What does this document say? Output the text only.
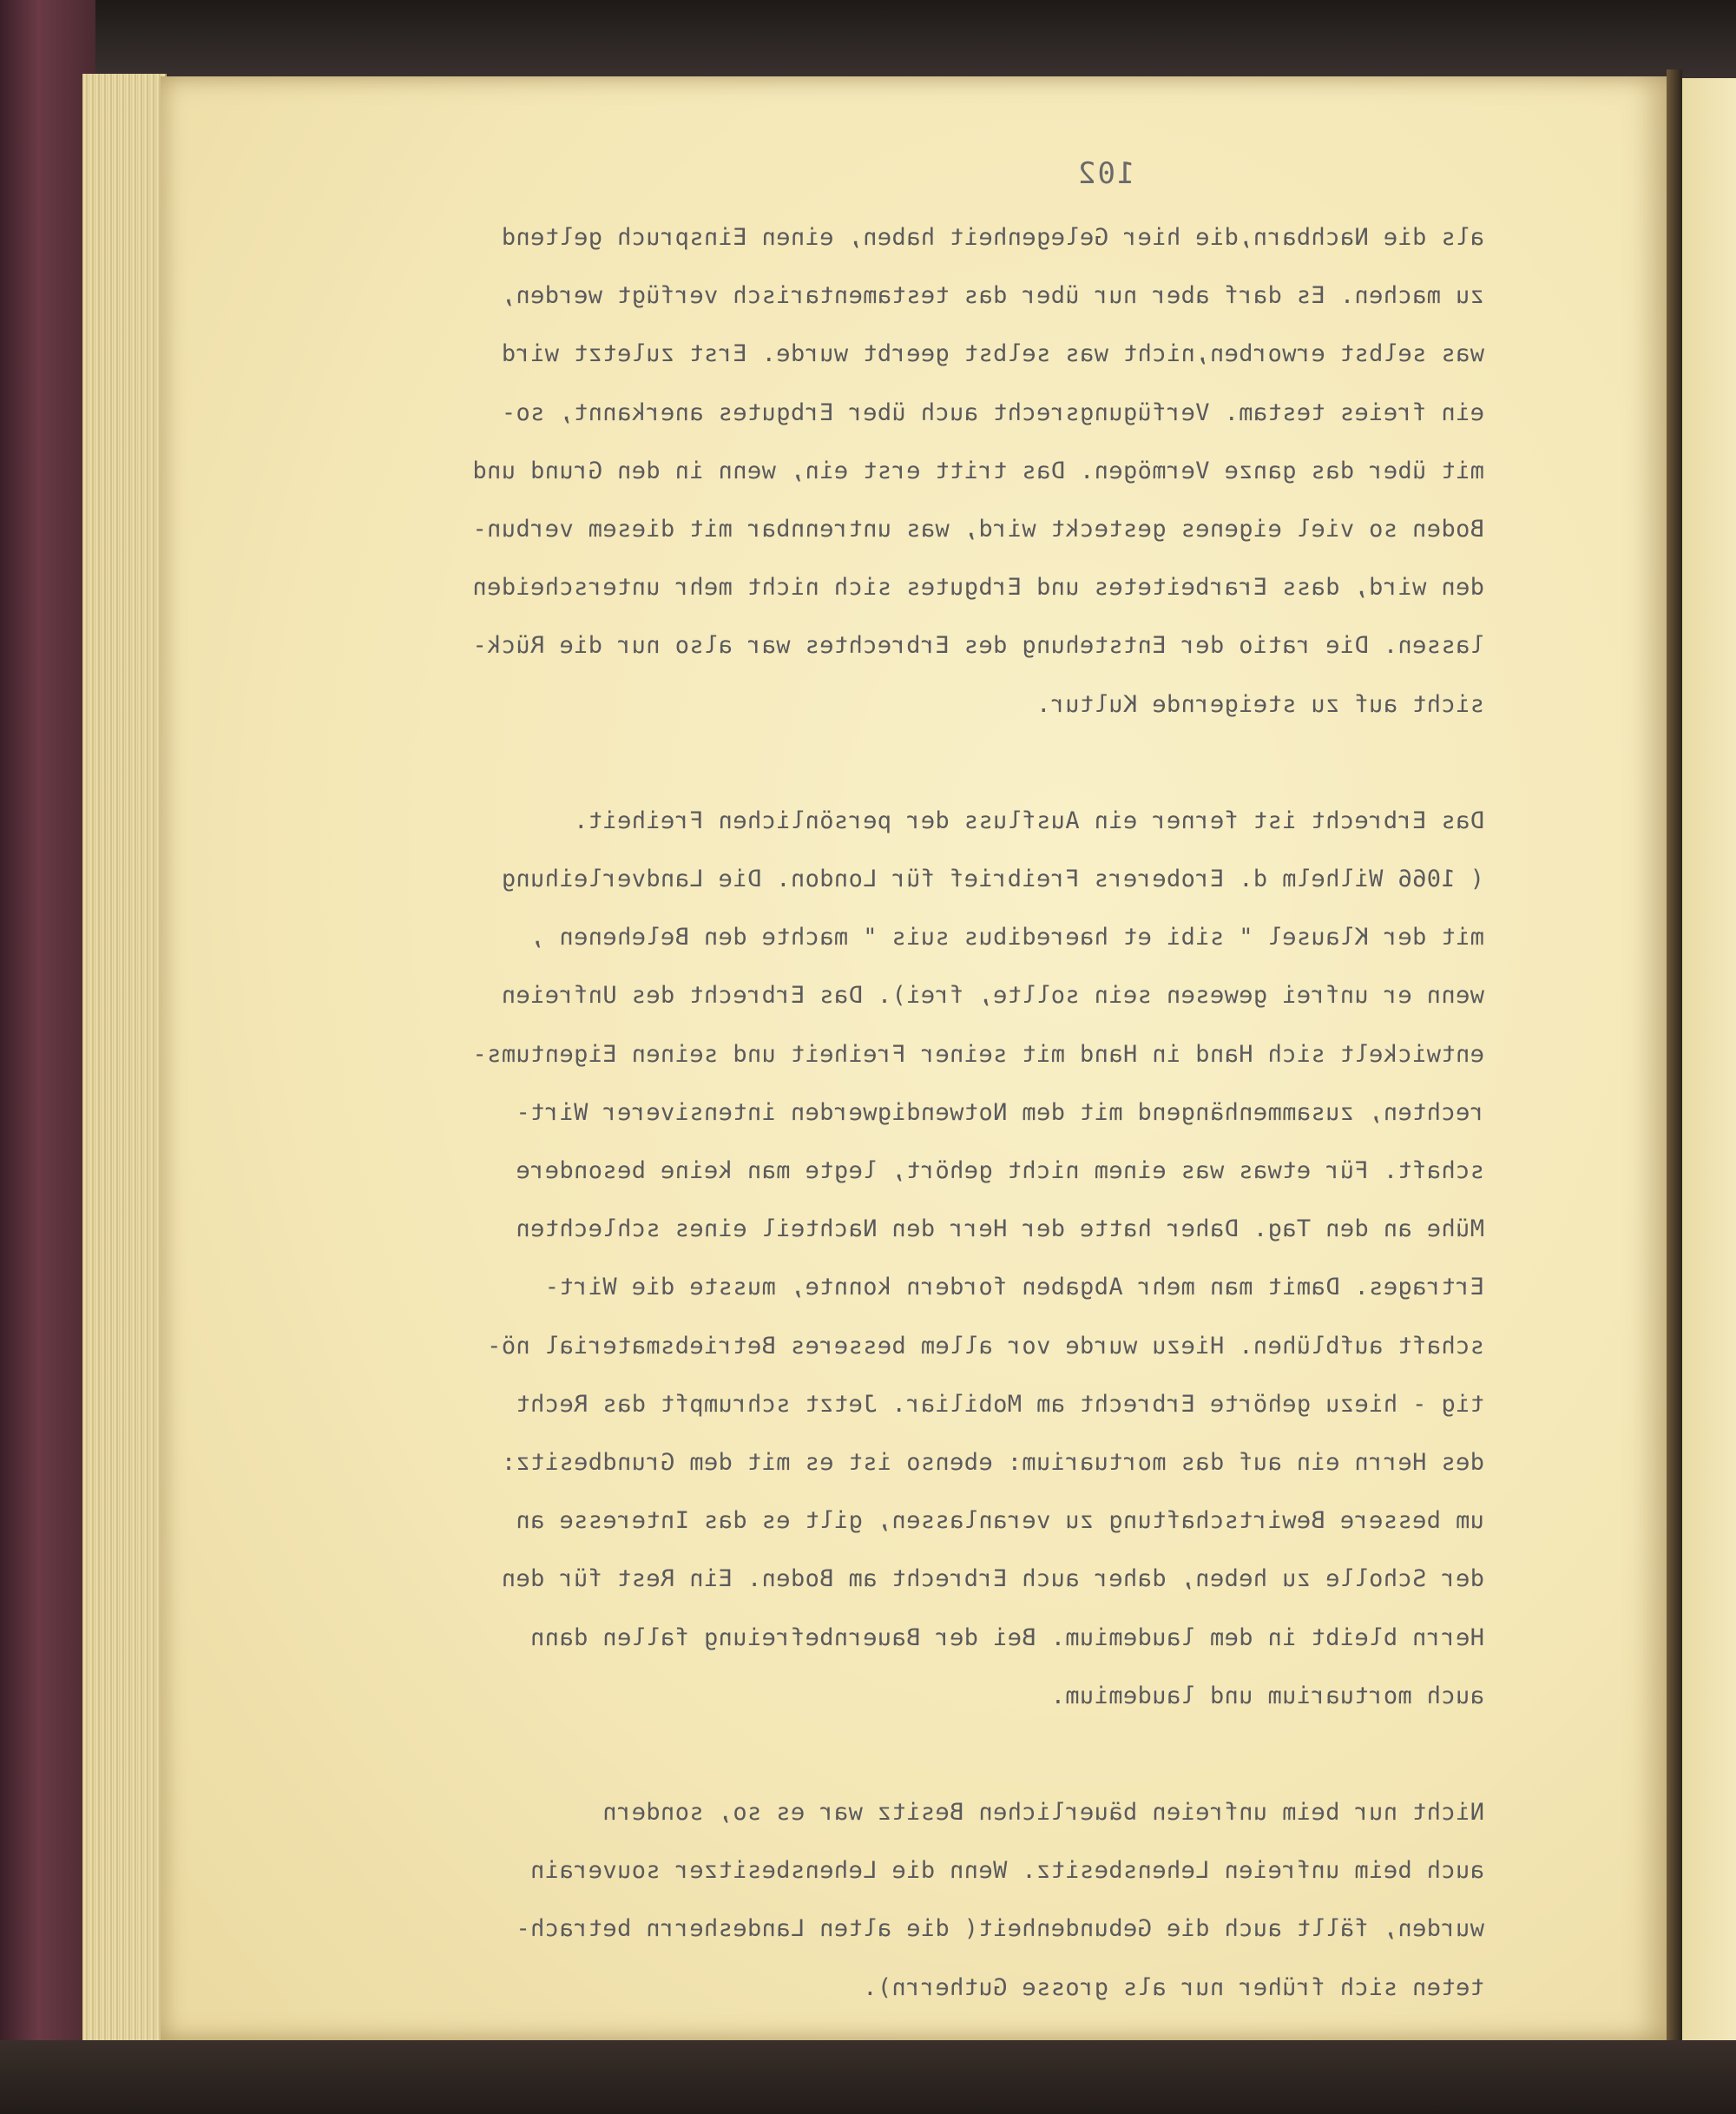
102
als die Nachbarn,die hier Gelegenheit haben, einen Einspruch geltend
zu machen. Es darf aber nur über das testamentarisch verfügt werden,
was selbst erworben,nicht was selbst geerbt wurde. Erst zuletzt wird
ein freies testam. Verfügungsrecht auch über Erbgutes anerkannt, so-
mit über das ganze Vermögen. Das tritt erst ein, wenn in den Grund und
Boden so viel eigenes gesteckt wird, was untrennbar mit diesem verbun-
den wird, dass Erarbeitetes und Erbgutes sich nicht mehr unterscheiden
lassen. Die ratio der Entstehung des Erbrechtes war also nur die Rück-
sicht auf zu steigernde Kultur.
Das Erbrecht ist ferner ein Ausfluss der persönlichen Freiheit.
( 1066 Wilhelm d. Eroberers Freibrief für London. Die Landverleihung
mit der Klausel " sibi et haeredibus suis " machte den Belehenen ,
wenn er unfrei gewesen sein sollte, frei). Das Erbrecht des Unfreien
entwickelt sich Hand in Hand mit seiner Freiheit und seinen Eigentums-
rechten, zusammenhängend mit dem Notwendigwerden intensiverer Wirt-
schaft. Für etwas was einem nicht gehört, legte man keine besondere
Mühe an den Tag. Daher hatte der Herr den Nachteil eines schlechten
Ertrages. Damit man mehr Abgaben fordern konnte, musste die Wirt-
schaft aufblühen. Hiezu wurde vor allem besseres Betriebsmaterial nö-
tig - hiezu gehörte Erbrecht am Mobiliar. Jetzt schrumpft das Recht
des Herrn ein auf das mortuarium: ebenso ist es mit dem Grundbesitz:
um bessere Bewirtschaftung zu veranlassen, gilt es das Interesse an
der Scholle zu heben, daher auch Erbrecht am Boden. Ein Rest für den
Herrn bleibt in dem laudemium. Bei der Bauernbefreiung fallen dann
auch mortuarium und laudemium.
Nicht nur beim unfreien bäuerlichen Besitz war es so, sondern
auch beim unfreien Lehensbesitz. Wenn die Lehensbesitzer souverain
wurden, fällt auch die Gebundenheit( die alten Landesherrn betrach-
teten sich früher nur als grosse Gutherrn).
